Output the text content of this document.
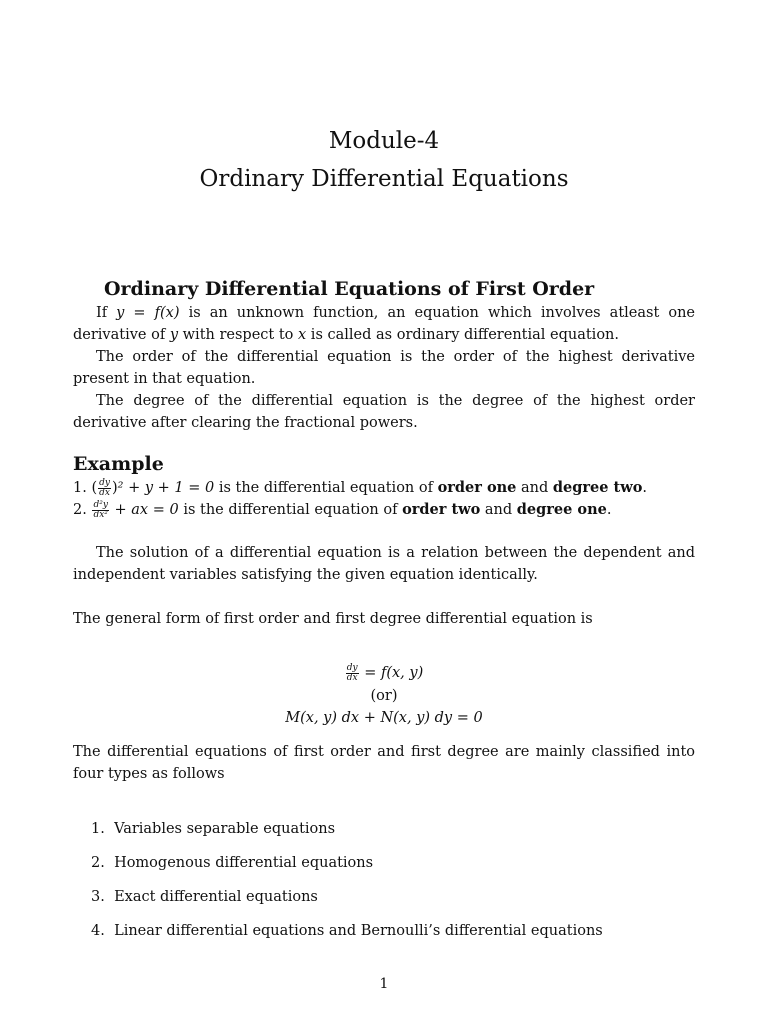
Module-4
Ordinary Differential Equations
Ordinary Differential Equations of First Order
If y = f(x) is an unknown function, an equation which involves atleast one derivative of y with respect to x is called as ordinary differential equation.
The order of the differential equation is the order of the highest derivative present in that equation.
The degree of the differential equation is the degree of the highest order derivative after clearing the fractional powers.
Example
1. ( $\frac{dy}{dx} )^2 + y + 1 = 0$ is the differential equation of order one and degree two.
2. $\frac{\text{d²y}}{\text{dx²}}$ + ax = 0 is the differential equation of order two and degree one.
The solution of a differential equation is a relation between the dependent and independent variables satisfying the given equation identically.
The general form of first order and first degree differential equation is
$\frac{dy}{dx} = f(x$, y)
(or)
M(x, y) dx + N(x, y) dy = 0
The differential equations of first order and first degree are mainly classified into four types as follows
1. Variables separable equations
2. Homogenous differential equations
3. Exact differential equations
4. Linear differential equations and Bernoulli’s differential equations
1
